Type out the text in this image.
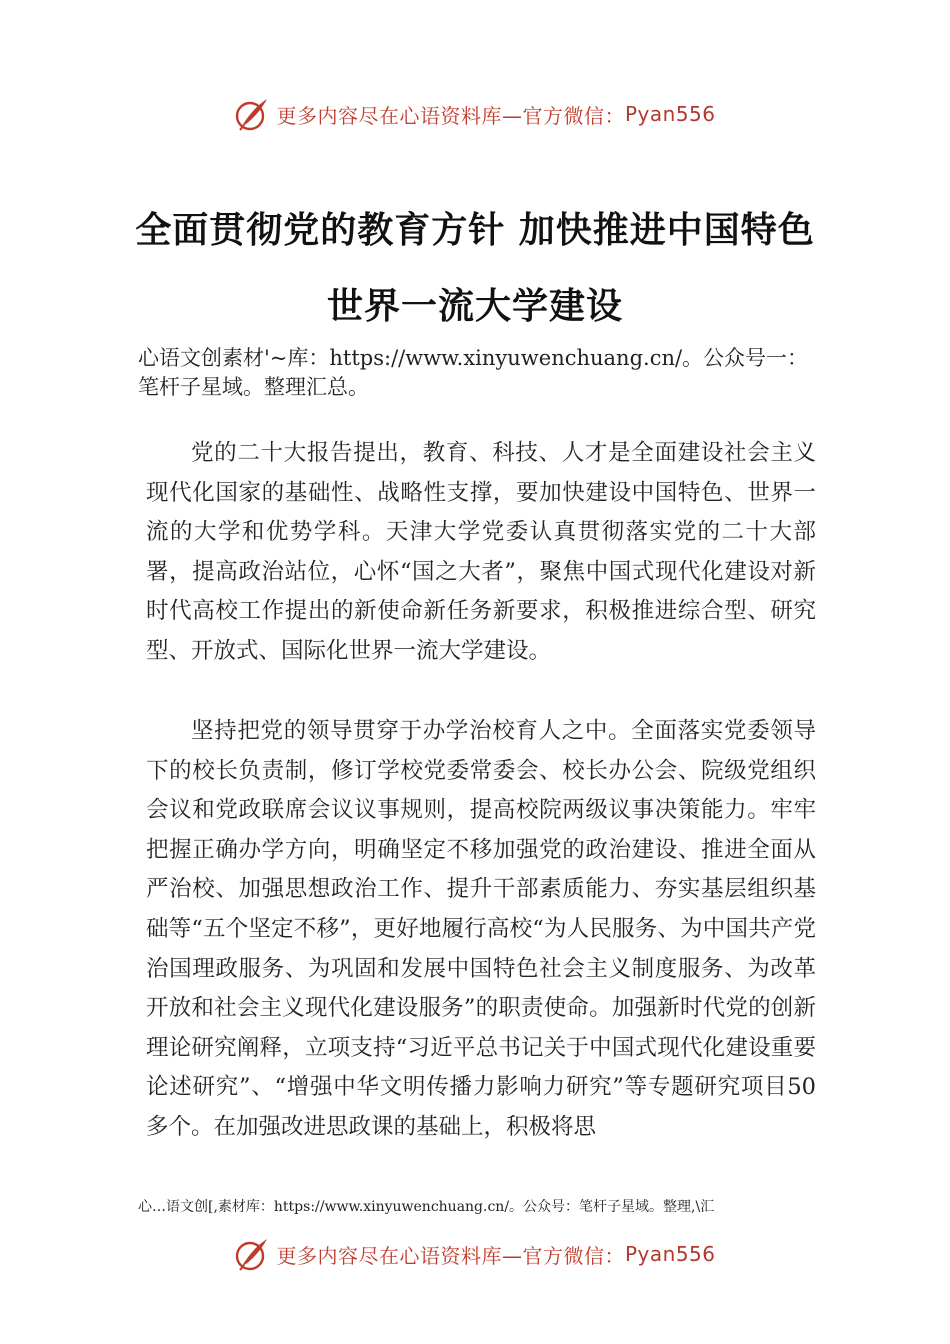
更多内容尽在心语资料库—官方微信： Pyan556
全面贯彻党的教育方针 加快推进中国特色
世界一流大学建设
心语文创素材'~库：https://www.xinyuwenchuang.cn/。公众号一：笔杆子星域。整理汇总。

党的二十大报告提出，教育、科技、人才是全面建设社会主义现代化国家的基础性、战略性支撑，要加快建设中国特色、世界一流的大学和优势学科。天津大学党委认真贯彻落实党的二十大部署，提高政治站位，心怀“国之大者”，聚焦中国式现代化建设对新时代高校工作提出的新使命新任务新要求，积极推进综合型、研究型、开放式、国际化世界一流大学建设。

坚持把党的领导贯穿于办学治校育人之中。全面落实党委领导下的校长负责制，修订学校党委常委会、校长办公会、院级党组织会议和党政联席会议议事规则，提高校院两级议事决策能力。牢牢把握正确办学方向，明确坚定不移加强党的政治建设、推进全面从严治校、加强思想政治工作、提升干部素质能力、夯实基层组织基础等“五个坚定不移”，更好地履行高校“为人民服务、为中国共产党治国理政服务、为巩固和发展中国特色社会主义制度服务、为改革开放和社会主义现代化建设服务”的职责使命。加强新时代党的创新理论研究阐释，立项支持“习近平总书记关于中国式现代化建设重要论述研究”、“增强中华文明传播力影响力研究”等专题研究项目50多个。在加强改进思政课的基础上，积极将思

心…语文创[,素材库：https://www.xinyuwenchuang.cn/。公众号：笔杆子星域。整理,\汇
更多内容尽在心语资料库—官方微信： Pyan556
